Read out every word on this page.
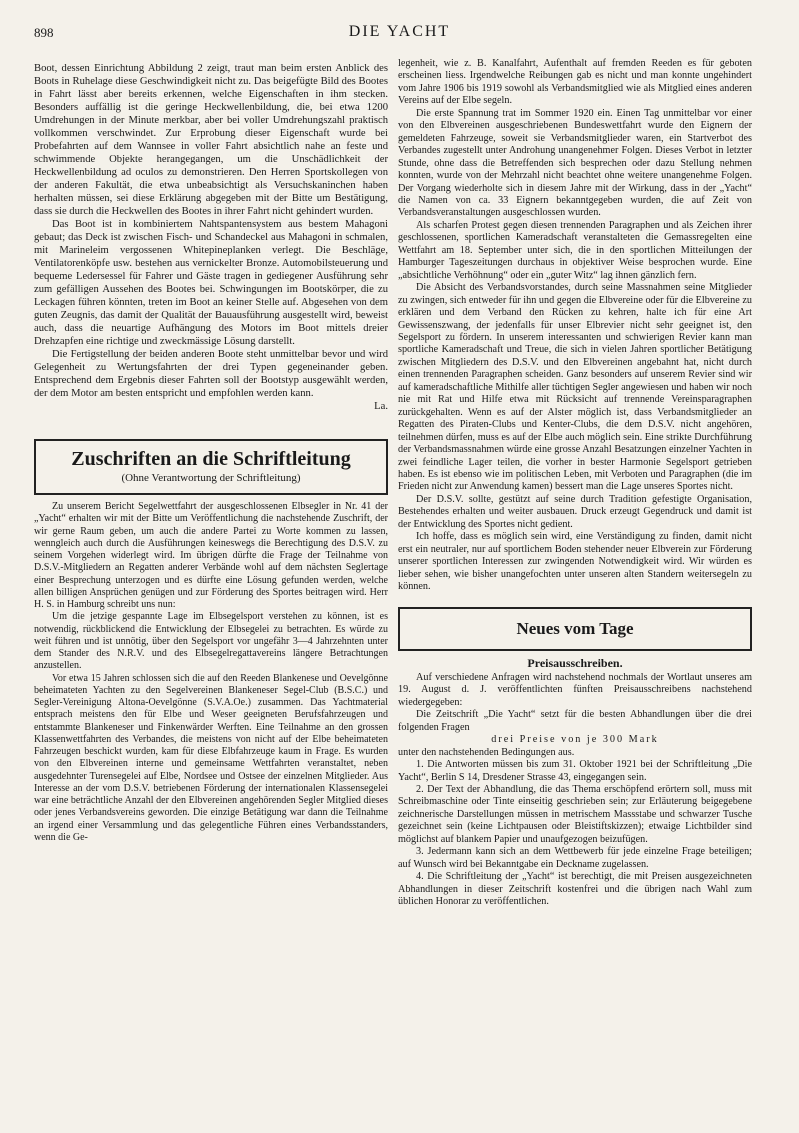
898	DIE YACHT

Boot, dessen Einrichtung Abbildung 2 zeigt, traut man beim ersten Anblick des Boots in Ruhelage diese Geschwindigkeit nicht zu. Das beigefügte Bild des Bootes in Fahrt lässt aber bereits erkennen, welche Eigenschaften in ihm stecken. Besonders auffällig ist die geringe Heckwellenbildung, die, bei etwa 1200 Umdrehungen in der Minute merkbar, aber bei voller Umdrehungszahl praktisch vollkommen verschwindet. Zur Erprobung dieser Eigenschaft wurde bei Probefahrten auf dem Wannsee in voller Fahrt absichtlich nahe an feste und schwimmende Objekte herangegangen, um die Unschädlichkeit der Heckwellenbildung ad oculos zu demonstrieren. Den Herren Sportskollegen von der anderen Fakultät, die etwa unbeabsichtigt als Versuchskaninchen haben herhalten müssen, sei diese Erklärung abgegeben mit der Bitte um Bestätigung, dass sie durch die Heckwellen des Bootes in ihrer Fahrt nicht gehindert wurden.

Das Boot ist in kombiniertem Nahtspantensystem aus bestem Mahagoni gebaut; das Deck ist zwischen Fisch- und Schandeckel aus Mahagoni in schmalen, mit Marineleim vergossenen Whitepineplanken verlegt. Die Beschläge, Ventilatorenköpfe usw. bestehen aus vernickelter Bronze. Automobilsteuerung und bequeme Ledersessel für Fahrer und Gäste tragen in gediegener Ausführung sehr zum gefälligen Aussehen des Bootes bei. Schwingungen im Bootskörper, die zu Leckagen führen könnten, treten im Boot an keiner Stelle auf. Abgesehen von dem guten Zeugnis, das damit der Qualität der Bauausführung ausgestellt wird, beweist auch, dass die neuartige Aufhängung des Motors im Boot mittels dreier Drehzapfen eine richtige und zweckmässige Lösung darstellt.

Die Fertigstellung der beiden anderen Boote steht unmittelbar bevor und wird Gelegenheit zu Wertungsfahrten der drei Typen gegeneinander geben. Entsprechend dem Ergebnis dieser Fahrten soll der Bootstyp ausgewählt werden, der dem Motor am besten entspricht und empfohlen werden kann.

La.
Zuschriften an die Schriftleitung
(Ohne Verantwortung der Schriftleitung)

Zu unserem Bericht Segelwettfahrt der ausgeschlossenen Elbsegler in Nr. 41 der „Yacht“ erhalten wir mit der Bitte um Veröffentlichung die nachstehende Zuschrift, der wir gerne Raum geben, um auch die andere Partei zu Worte kommen zu lassen, wenngleich auch durch die Ausführungen keineswegs die Berechtigung des D.S.V. zu seinem Vorgehen widerlegt wird. Im übrigen dürfte die Frage der Teilnahme von D.S.V.-Mitgliedern an Regatten anderer Verbände wohl auf dem nächsten Seglertage einer Besprechung unterzogen und es dürfte eine Lösung gefunden werden, welche allen billigen Ansprüchen genügen und zur Förderung des Sportes beitragen wird. Herr H. S. in Hamburg schreibt uns nun:

Um die jetzige gespannte Lage im Elbsegelsport verstehen zu können, ist es notwendig, rückblickend die Entwicklung der Elbsegelei zu betrachten. Es würde zu weit führen und ist unnötig, über den Segelsport vor ungefähr 3—4 Jahrzehnten unter dem Stander des N.R.V. und des Elbsegelregattavereins längere Betrachtungen anzustellen.

Vor etwa 15 Jahren schlossen sich die auf den Reeden Blankenese und Oevelgönne beheimateten Yachten zu den Segelvereinen Blankeneser Segel-Club (B.S.C.) und Segler-Vereinigung Altona-Oevelgönne (S.V.A.Oe.) zusammen. Das Yachtmaterial entsprach meistens den für Elbe und Weser geeigneten Berufsfahrzeugen und entstammte Blankeneser und Finkenwärder Werften. Eine Teilnahme an den grossen Klassenwettfahrten des Verbandes, die meistens von nicht auf der Elbe beheimateten Fahrzeugen beschickt wurden, kam für diese Elbfahrzeuge kaum in Frage. Es wurden von den Elbvereinen interne und gemeinsame Wettfahrten veranstaltet, neben ausgedehnter Turensegelei auf Elbe, Nordsee und Ostsee der einzelnen Mitglieder. Aus Interesse an der vom D.S.V. betriebenen Förderung der internationalen Klassensegelei war eine beträchtliche Anzahl der den Elbvereinen angehörenden Segler Mitglied dieses oder jenes Verbandsvereins geworden. Die einzige Betätigung war dann die Teilnahme an irgend einer Versammlung und das gelegentliche Führen eines Verbandsstanders, wenn die Ge-

legenheit, wie z. B. Kanalfahrt, Aufenthalt auf fremden Reeden es für geboten erscheinen liess. Irgendwelche Reibungen gab es nicht und man konnte ungehindert vom Jahre 1906 bis 1919 sowohl als Verbandsmitglied wie als Mitglied eines anderen Vereins auf der Elbe segeln.

Die erste Spannung trat im Sommer 1920 ein. Einen Tag unmittelbar vor einer von den Elbvereinen ausgeschriebenen Bundeswettfahrt wurde den Eignern der gemeldeten Fahrzeuge, soweit sie Verbandsmitglieder waren, ein Startverbot des Verbandes zugestellt unter Androhung unangenehmer Folgen. Dieses Verbot in letzter Stunde, ohne dass die Betreffenden sich besprechen oder dazu Stellung nehmen konnten, wurde von der Mehrzahl nicht beachtet ohne weitere unangenehme Folgen. Der Vorgang wiederholte sich in diesem Jahre mit der Wirkung, dass in der „Yacht“ die Namen von ca. 33 Eignern bekanntgegeben wurden, die auf Zeit von Verbandsveranstaltungen ausgeschlossen wurden.

Als scharfen Protest gegen diesen trennenden Paragraphen und als Zeichen ihrer geschlossenen, sportlichen Kameradschaft veranstalteten die Gemassregelten eine Wettfahrt am 18. September unter sich, die in den sportlichen Mitteilungen der Hamburger Tageszeitungen durchaus in objektiver Weise besprochen wurde. Eine „absichtliche Verhöhnung“ oder ein „guter Witz“ lag ihnen gänzlich fern.

Die Absicht des Verbandsvorstandes, durch seine Massnahmen seine Mitglieder zu zwingen, sich entweder für ihn und gegen die Elbvereine oder für die Elbvereine zu erklären und dem Verband den Rücken zu kehren, halte ich für eine Art Gewissenszwang, der jedenfalls für unser Elbrevier nicht sehr geeignet ist, den Segelsport zu fördern. In unserem interessanten und schwierigen Revier kann man sportliche Kameradschaft und Treue, die sich in vielen Jahren sportlicher Betätigung zwischen Mitgliedern des D.S.V. und den Elbvereinen angebahnt hat, nicht durch einen trennenden Paragraphen scheiden. Ganz besonders auf unserem Revier sind wir auf kameradschaftliche Mithilfe aller tüchtigen Segler angewiesen und haben wir noch nie mit Rat und Hilfe etwa mit Rücksicht auf trennende Vereinsparagraphen zurückgehalten. Wenn es auf der Alster möglich ist, dass Verbandsmitglieder an Regatten des Piraten-Clubs und Kenter-Clubs, die dem D.S.V. nicht angehören, teilnehmen dürfen, muss es auf der Elbe auch möglich sein. Eine strikte Durchführung der Verbandsmassnahmen würde eine grosse Anzahl Besatzungen einzelner Yachten in zwei feindliche Lager teilen, die vorher in bester Harmonie Segelsport getrieben haben. Es ist ebenso wie im politischen Leben, mit Verboten und Paragraphen (die im Frieden nicht zur Anwendung kamen) bessert man die Lage unseres Sportes nicht.

Der D.S.V. sollte, gestützt auf seine durch Tradition gefestigte Organisation, Bestehendes erhalten und weiter ausbauen. Druck erzeugt Gegendruck und damit ist der Entwicklung des Sportes nicht gedient.

Ich hoffe, dass es möglich sein wird, eine Verständigung zu finden, damit nicht erst ein neutraler, nur auf sportlichem Boden stehender neuer Elbverein zur Förderung unserer sportlichen Interessen zur zwingenden Notwendigkeit wird. Wir würden es lieber sehen, wie bisher unangefochten unter unseren alten Standern weitersegeln zu können.

Neues vom Tage
Preisausschreiben.

Auf verschiedene Anfragen wird nachstehend nochmals der Wortlaut unseres am 19. August d. J. veröffentlichten fünften Preisausschreibens nachstehend wiedergegeben:

Die Zeitschrift „Die Yacht“ setzt für die besten Abhandlungen über die drei folgenden Fragen

drei Preise von je 300 Mark

unter den nachstehenden Bedingungen aus.

1. Die Antworten müssen bis zum 31. Oktober 1921 bei der Schriftleitung „Die Yacht“, Berlin S 14, Dresdener Strasse 43, eingegangen sein.

2. Der Text der Abhandlung, die das Thema erschöpfend erörtern soll, muss mit Schreibmaschine oder Tinte einseitig geschrieben sein; zur Erläuterung beigegebene zeichnerische Darstellungen müssen in metrischem Massstabe und schwarzer Tusche gezeichnet sein (keine Lichtpausen oder Bleistiftskizzen); etwaige Lichtbilder sind möglichst auf blankem Papier und unaufgezogen beizufügen.

3. Jedermann kann sich an dem Wettbewerb für jede einzelne Frage beteiligen; auf Wunsch wird bei Bekanntgabe ein Deckname zugelassen.

4. Die Schriftleitung der „Yacht“ ist berechtigt, die mit Preisen ausgezeichneten Abhandlungen in dieser Zeitschrift kostenfrei und die übrigen nach Wahl zum üblichen Honorar zu veröffentlichen.
